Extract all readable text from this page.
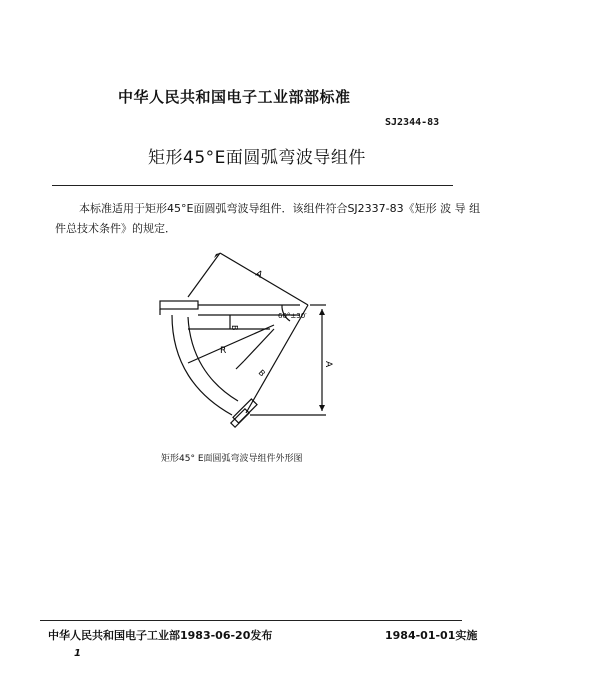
中华人民共和国电子工业部部标准
SJ2344-83
矩形45°E面圆弧弯波导组件
本标准适用于矩形45°E面圆弧弯波导组件．该组件符合SJ2337-83《矩形 波 导 组
件总技术条件》的规定．
A
60°±30′
A
B
R
B
矩形45° E面圆弧弯波导组件外形图
中华人民共和国电子工业部1983-06-20发布	1984-01-01实施
1
